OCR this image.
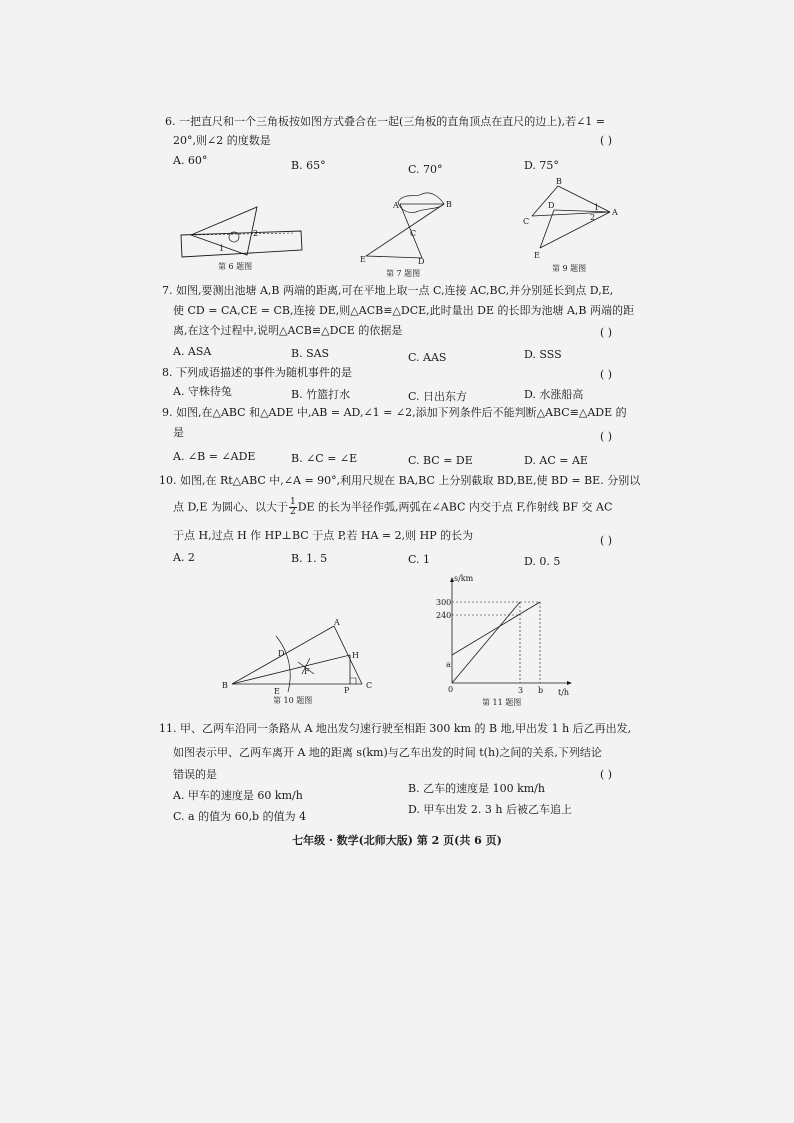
6. 一把直尺和一个三角板按如图方式叠合在一起(三角板的直角顶点在直尺的边上),若∠1 =
20°,则∠2 的度数是	( )
A. 60°	B. 65°	C. 70°	D. 75°
1
2
第 6 题图
A	B
C
E	D
第 7 题图
B
C
D
A
E
1
2
第 9 题图
7. 如图,要测出池塘 A,B 两端的距离,可在平地上取一点 C,连接 AC,BC,并分别延长到点 D,E,
使 CD = CA,CE = CB,连接 DE,则△ACB≌△DCE,此时量出 DE 的长即为池塘 A,B 两端的距
离,在这个过程中,说明△ACB≌△DCE 的依据是	( )
A. ASA	B. SAS	C. AAS	D. SSS
8. 下列成语描述的事件为随机事件的是	( )
A. 守株待兔	B. 竹篮打水	C. 日出东方	D. 水涨船高
9. 如图,在△ABC 和△ADE 中,AB = AD,∠1 = ∠2,添加下列条件后不能判断△ABC≌△ADE 的
是	( )
A. ∠B = ∠ADE	B. ∠C = ∠E	C. BC = DE	D. AC = AE
10. 如图,在 Rt△ABC 中,∠A = 90°,利用尺规在 BA,BC 上分别截取 BD,BE,使 BD = BE. 分别以
点 D,E 为圆心、以大于 $\frac{1}{2}$ DE 的长为半径作弧,两弧在∠ABC 内交于点 F,作射线 BF 交 AC
于点 H,过点 H 作 HP⊥BC 于点 P,若 HA = 2,则 HP 的长为	( )
A. 2	B. 1. 5	C. 1	D. 0. 5
A
B	C
D
E
F
H
P
第 10 题图
s/km
t/h
300
240
a
0	3 b
第 11 题图
11. 甲、乙两车沿同一条路从 A 地出发匀速行驶至相距 300 km 的 B 地,甲出发 1 h 后乙再出发,
如图表示甲、乙两车离开 A 地的距离 s(km)与乙车出发的时间 t(h)之间的关系,下列结论
错误的是	( )
A. 甲车的速度是 60 km/h
B. 乙车的速度是 100 km/h
C. a 的值为 60,b 的值为 4
D. 甲车出发 2. 3 h 后被乙车追上
七年级 · 数学(北师大版) 第 2 页(共 6 页)
